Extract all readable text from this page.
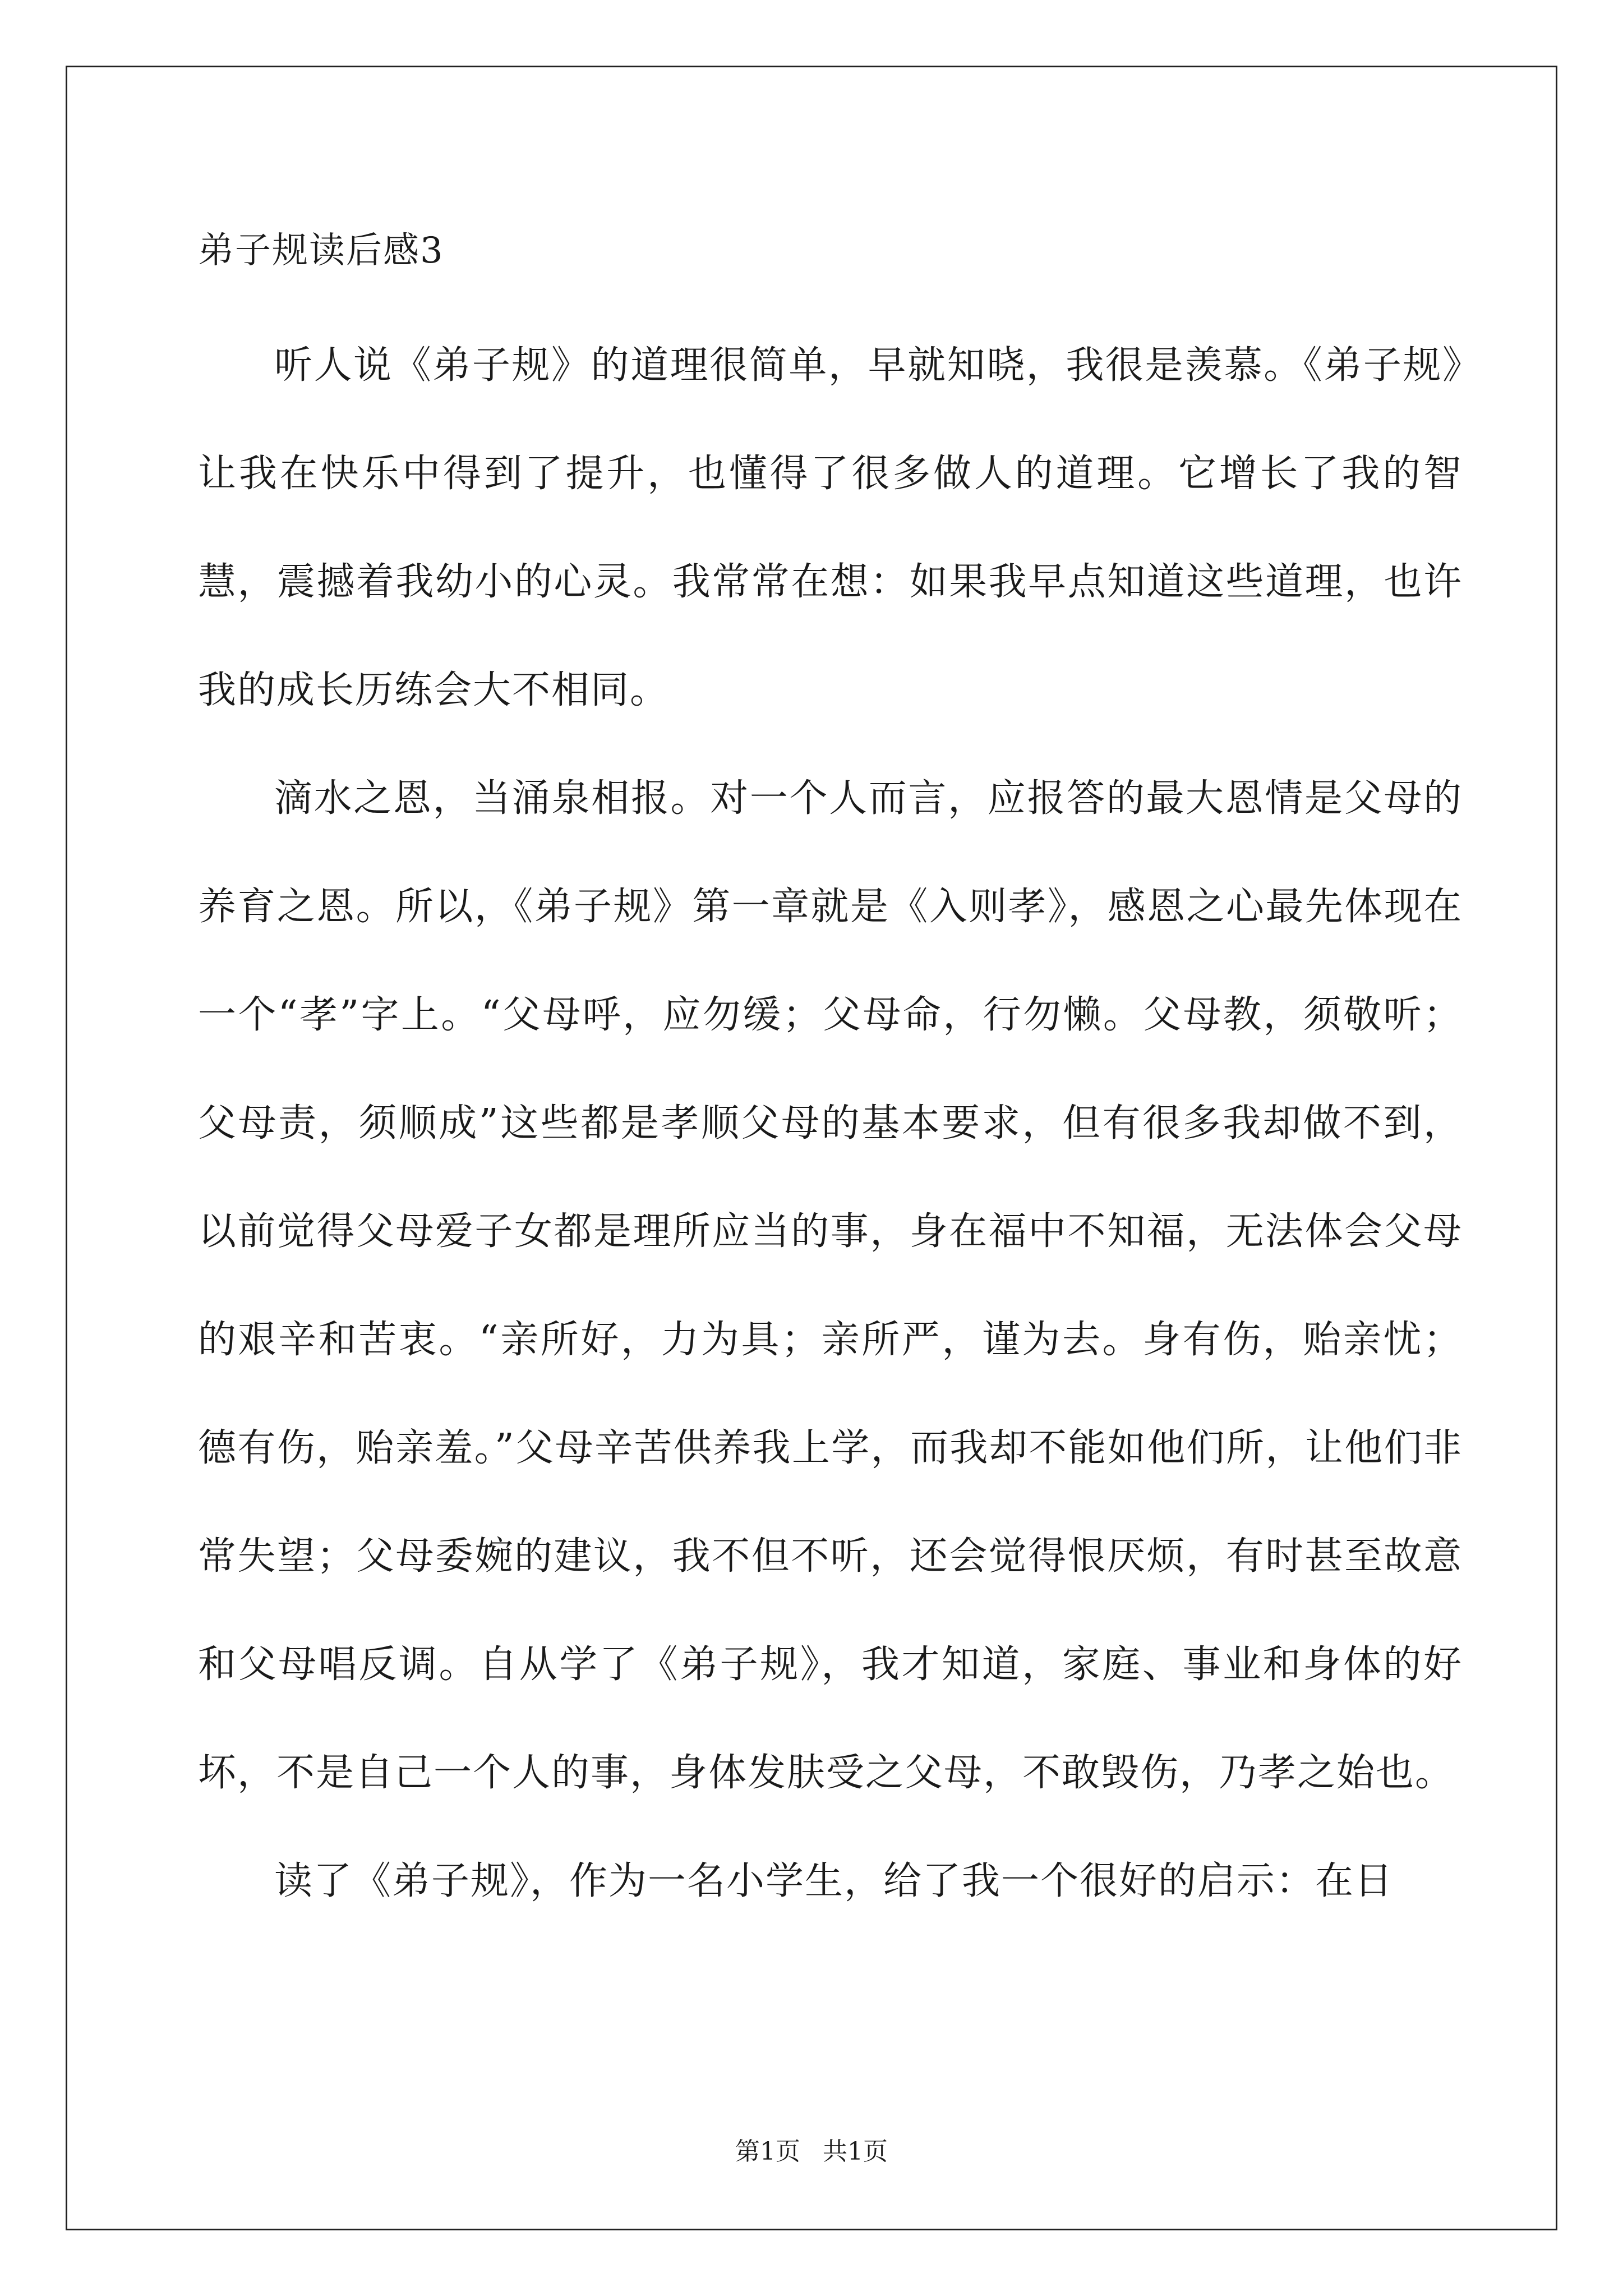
弟子规读后感3

听人说《弟子规》的道理很简单，早就知晓，我很是羡慕。《弟子规》让我在快乐中得到了提升，也懂得了很多做人的道理。它增长了我的智慧，震撼着我幼小的心灵。我常常在想：如果我早点知道这些道理，也许我的成长历练会大不相同。

滴水之恩，当涌泉相报。对一个人而言，应报答的最大恩情是父母的养育之恩。所以，《弟子规》第一章就是《入则孝》，感恩之心最先体现在一个“孝”字上。“父母呼，应勿缓；父母命，行勿懒。父母教，须敬听；父母责，须顺成”这些都是孝顺父母的基本要求，但有很多我却做不到，以前觉得父母爱子女都是理所应当的事，身在福中不知福，无法体会父母的艰辛和苦衷。“亲所好，力为具；亲所严，谨为去。身有伤，贻亲忧；德有伤，贻亲羞。”父母辛苦供养我上学，而我却不能如他们所，让他们非常失望；父母委婉的建议，我不但不听，还会觉得恨厌烦，有时甚至故意和父母唱反调。自从学了《弟子规》，我才知道，家庭、事业和身体的好坏，不是自己一个人的事，身体发肤受之父母，不敢毁伤，乃孝之始也。

读了《弟子规》，作为一名小学生，给了我一个很好的启示：在日

第1页 共1页
